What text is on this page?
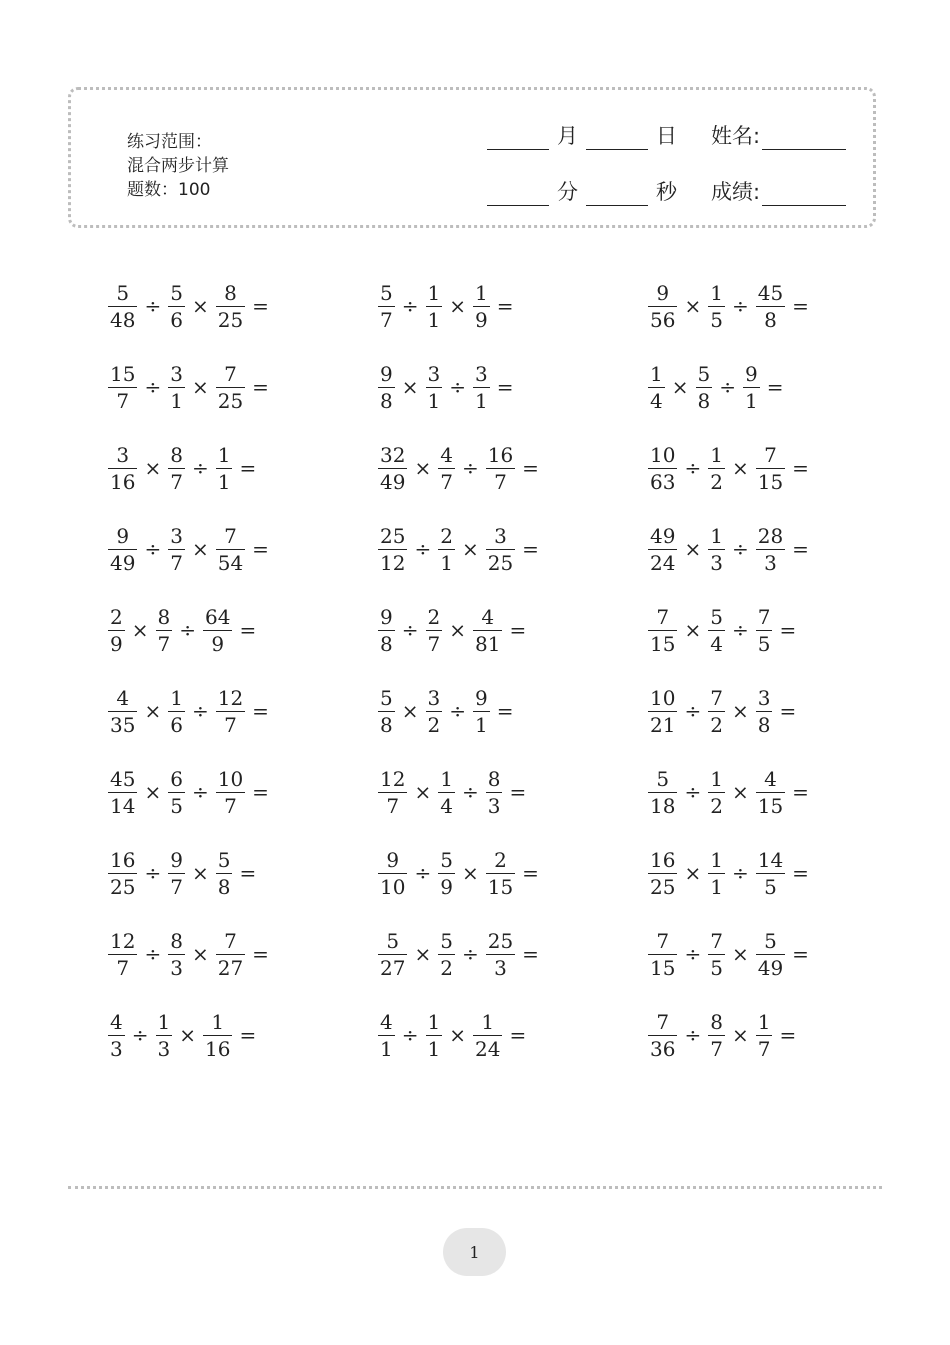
练习范围：
混合两步计算
题数：100
月	日 姓名:
分	秒 成绩:
$\frac{5}{48} \div \frac{5}{6} \times \frac{8}{25}$ =	$\frac{5}{7} \div \frac{1}{1} \times \frac{1}{9}$ =	$\frac{9}{56} \times \frac{1}{5} \div \frac{45}{8}$ =
$\frac{15}{7} \div \frac{3}{1} \times \frac{7}{25}$ =	$\frac{9}{8} \times \frac{3}{1} \div \frac{3}{1}$ =	$\frac{1}{4} \times \frac{5}{8} \div \frac{9}{1}$ =
$\frac{3}{16} \times \frac{8}{7} \div \frac{1}{1}$ =	$\frac{32}{49} \times \frac{4}{7} \div \frac{16}{7}$ =	$\frac{10}{63} \div \frac{1}{2} \times \frac{7}{15}$ =
$\frac{9}{49} \div \frac{3}{7} \times \frac{7}{54}$ =	$\frac{25}{12} \div \frac{2}{1} \times \frac{3}{25}$ =	$\frac{49}{24} \times \frac{1}{3} \div \frac{28}{3}$ =
$\frac{2}{9} \times \frac{8}{7} \div \frac{64}{9}$ =	$\frac{9}{8} \div \frac{2}{7} \times \frac{4}{81}$ =	$\frac{7}{15} \times \frac{5}{4} \div \frac{7}{5}$ =
$\frac{4}{35} \times \frac{1}{6} \div \frac{12}{7}$ =	$\frac{5}{8} \times \frac{3}{2} \div \frac{9}{1}$ =	$\frac{10}{21} \div \frac{7}{2} \times \frac{3}{8}$ =
$\frac{45}{14} \times \frac{6}{5} \div \frac{10}{7}$ =	$\frac{12}{7} \times \frac{1}{4} \div \frac{8}{3}$ =	$\frac{5}{18} \div \frac{1}{2} \times \frac{4}{15}$ =
$\frac{16}{25} \div \frac{9}{7} \times \frac{5}{8}$ =	$\frac{9}{10} \div \frac{5}{9} \times \frac{2}{15}$ =	$\frac{16}{25} \times \frac{1}{1} \div \frac{14}{5}$ =
$\frac{12}{7} \div \frac{8}{3} \times \frac{7}{27}$ =	$\frac{5}{27} \times \frac{5}{2} \div \frac{25}{3}$ =	$\frac{7}{15} \div \frac{7}{5} \times \frac{5}{49}$ =
$\frac{4}{3} \div \frac{1}{3} \times \frac{1}{16}$ =	$\frac{4}{1} \div \frac{1}{1} \times \frac{1}{24}$ =	$\frac{7}{36} \div \frac{8}{7} \times \frac{1}{7}$ =
1
